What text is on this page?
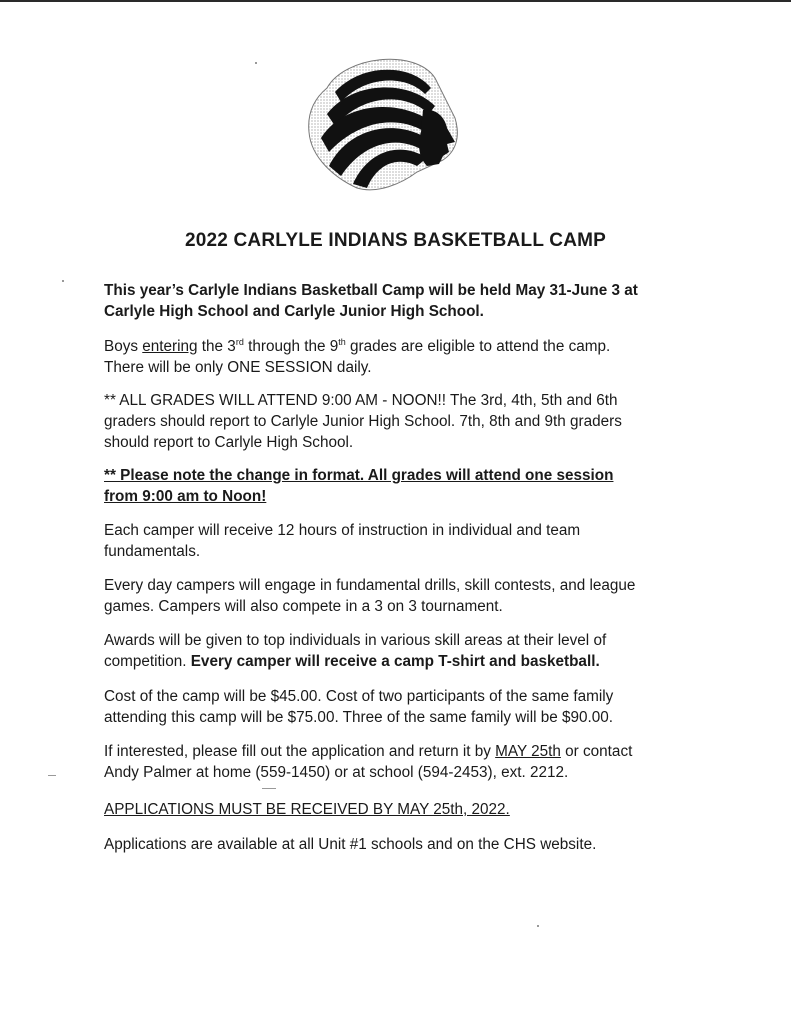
2022 CARLYLE INDIANS BASKETBALL CAMP
This year’s Carlyle Indians Basketball Camp will be held May 31-June 3 at
Carlyle High School and Carlyle Junior High School.
Boys entering the 3rd through the 9th grades are eligible to attend the camp.
There will be only ONE SESSION daily.
** ALL GRADES WILL ATTEND 9:00 AM - NOON!! The 3rd, 4th, 5th and 6th
graders should report to Carlyle Junior High School. 7th, 8th and 9th graders
should report to Carlyle High School.
** Please note the change in format. All grades will attend one session
from 9:00 am to Noon!
Each camper will receive 12 hours of instruction in individual and team
fundamentals.
Every day campers will engage in fundamental drills, skill contests, and league
games. Campers will also compete in a 3 on 3 tournament.
Awards will be given to top individuals in various skill areas at their level of
competition. Every camper will receive a camp T-shirt and basketball.
Cost of the camp will be $45.00. Cost of two participants of the same family
attending this camp will be $75.00. Three of the same family will be $90.00.
If interested, please fill out the application and return it by MAY 25th or contact
Andy Palmer at home (559-1450) or at school (594-2453), ext. 2212.
APPLICATIONS MUST BE RECEIVED BY MAY 25th, 2022.
Applications are available at all Unit #1 schools and on the CHS website.
